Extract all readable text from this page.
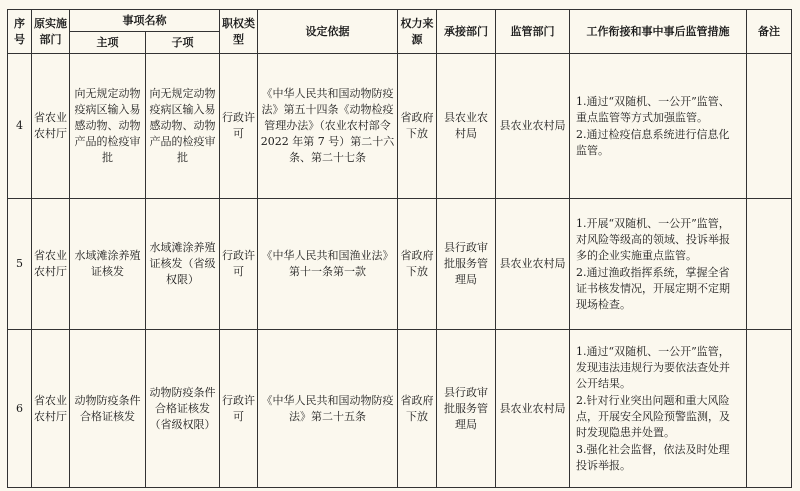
序号	原实施部门	事项名称		职权类型	设定依据	权力来源	承接部门	监管部门	工作衔接和事中事后监管措施	备注
		主项	子项							
4	省农业农村厅	向无规定动物疫病区输入易感动物、动物产品的检疫审批	向无规定动物疫病区输入易感动物、动物产品的检疫审批	行政许可	《中华人民共和国动物防疫法》第五十四条《动物检疫管理办法》（农业农村部令 2022 年第 7 号）第二十六条、第二十七条	省政府下放	县农业农村局	县农业农村局	1.通过“双随机、一公开”监管、重点监管等方式加强监管。
2.通过检疫信息系统进行信息化监管。	

5	省农业农村厅	水域滩涂养殖证核发	水域滩涂养殖证核发（省级权限）	行政许可	《中华人民共和国渔业法》第十一条第一款	省政府下放	县行政审批服务管理局	县农业农村局	1.开展“双随机、一公开”监管，对风险等级高的领域、投诉举报多的企业实施重点监管。
2.通过渔政指挥系统，掌握全省证书核发情况，开展定期不定期现场检查。	

6	省农业农村厅	动物防疫条件合格证核发	动物防疫条件合格证核发（省级权限）	行政许可	《中华人民共和国动物防疫法》第二十五条	省政府下放	县行政审批服务管理局	县农业农村局	1.通过“双随机、一公开”监管，发现违法违规行为要依法查处并公开结果。
2.针对行业突出问题和重大风险点，开展安全风险预警监测，及时发现隐患并处置。
3.强化社会监督，依法及时处理投诉举报。	
